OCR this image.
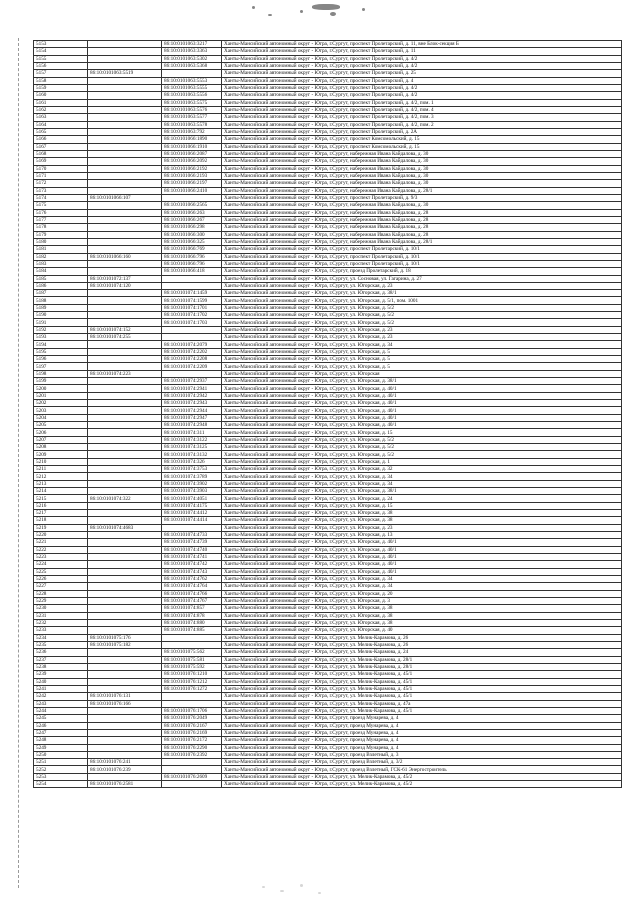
5153		86:10:0101063:3217	Ханты-Мансийский автономный округ - Югра, г.Сургут, проспект Пролетарский, д. 11, вне Блок-секция Б
5154		86:10:0101063:3363	Ханты-Мансийский автономный округ - Югра, г.Сургут, проспект Пролетарский, д. 11
5155		86:10:0101063:5302	Ханты-Мансийский автономный округ - Югра, г.Сургут, проспект Пролетарский, д. 4/2
5156		86:10:0101063:5368	Ханты-Мансийский автономный округ - Югра, г.Сургут, проспект Пролетарский, д. 4/2
5157	86:10:0101063:5519		Ханты-Мансийский автономный округ - Югра, г.Сургут, проспект Пролетарский, д. 25
5158		86:10:0101063:5553	Ханты-Мансийский автономный округ - Югра, г.Сургут, проспект Пролетарский, д. 4
5159		86:10:0101063:5555	Ханты-Мансийский автономный округ - Югра, г.Сургут, проспект Пролетарский, д. 4/2
5160		86:10:0101063:5556	Ханты-Мансийский автономный округ - Югра, г.Сургут, проспект Пролетарский, д. 4/2
5161		86:10:0101063:5575	Ханты-Мансийский автономный округ - Югра, г.Сургут, проспект Пролетарский, д. 4/2, пом. 1
5162		86:10:0101063:5576	Ханты-Мансийский автономный округ - Югра, г.Сургут, проспект Пролетарский, д. 4/2, пом. 4
5163		86:10:0101063:5577	Ханты-Мансийский автономный округ - Югра, г.Сургут, проспект Пролетарский, д. 4/2, пом. 3
5164		86:10:0101063:5578	Ханты-Мансийский автономный округ - Югра, г.Сургут, проспект Пролетарский, д. 4/2, пом. 2
5165		86:10:0101063:792	Ханты-Мансийский автономный округ - Югра, г.Сургут, проспект Пролетарский, д. 2А
5166		86:10:0101066:1890	Ханты-Мансийский автономный округ - Югра, г.Сургут, проспект Комсомольский, д. 15
5167		86:10:0101066:1910	Ханты-Мансийский автономный округ - Югра, г.Сургут, проспект Комсомольский, д. 15
5168		86:10:0101066:2087	Ханты-Мансийский автономный округ - Югра, г.Сургут, набережная Ивана Кайдалова, д. 30
5169		86:10:0101066:2092	Ханты-Мансийский автономный округ - Югра, г.Сургут, набережная Ивана Кайдалова, д. 30
5170		86:10:0101066:2192	Ханты-Мансийский автономный округ - Югра, г.Сургут, набережная Ивана Кайдалова, д. 30
5171		86:10:0101066:2193	Ханты-Мансийский автономный округ - Югра, г.Сургут, набережная Ивана Кайдалова, д. 30
5172		86:10:0101066:2197	Ханты-Мансийский автономный округ - Югра, г.Сургут, набережная Ивана Кайдалова, д. 30
5173		86:10:0101066:2410	Ханты-Мансийский автономный округ - Югра, г.Сургут, набережная Ивана Кайдалова, д. 28/1
5174	86:10:0101066:107		Ханты-Мансийский автономный округ - Югра, г.Сургут, проспект Пролетарский, д. 9/3
5175		86:10:0101066:2565	Ханты-Мансийский автономный округ - Югра, г.Сургут, набережная Ивана Кайдалова, д. 30
5176		86:10:0101066:263	Ханты-Мансийский автономный округ - Югра, г.Сургут, набережная Ивана Кайдалова, д. 28
5177		86:10:0101066:267	Ханты-Мансийский автономный округ - Югра, г.Сургут, набережная Ивана Кайдалова, д. 28
5178		86:10:0101066:298	Ханты-Мансийский автономный округ - Югра, г.Сургут, набережная Ивана Кайдалова, д. 28
5179		86:10:0101066:300	Ханты-Мансийский автономный округ - Югра, г.Сургут, набережная Ивана Кайдалова, д. 28
5180		86:10:0101066:325	Ханты-Мансийский автономный округ - Югра, г.Сургут, набережная Ивана Кайдалова, д. 28/1
5181		86:10:0101066:769	Ханты-Мансийский автономный округ - Югра, г.Сургут, проспект Пролетарский, д. 10/1
5182	86:10:0101066:160	86:10:0101066:796	Ханты-Мансийский автономный округ - Югра, г.Сургут, проспект Пролетарский, д. 10/1
5183		86:10:0101066:796	Ханты-Мансийский автономный округ - Югра, г.Сургут, проспект Пролетарский, д. 10/1
5184		86:10:0101066:418	Ханты-Мансийский автономный округ - Югра, г.Сургут, проезд Пролетарский, д. 18
5185	86:10:0101072:137		Ханты-Мансийский автономный округ - Югра, г.Сургут, ул. Сосновая, ул. Гагарина, д. 27
5186	86:10:0101074:120		Ханты-Мансийский автономный округ - Югра, г.Сургут, ул. Югорская, д. 23
5187		86:10:0101074:1459	Ханты-Мансийский автономный округ - Югра, г.Сургут, ул. Югорская, д. 38/1
5188		86:10:0101074:1599	Ханты-Мансийский автономный округ - Югра, г.Сургут, ул. Югорская, д. 5/1, пом. 1001
5189		86:10:0101074:1701	Ханты-Мансийский автономный округ - Югра, г.Сургут, ул. Югорская, д. 5/2
5190		86:10:0101074:1702	Ханты-Мансийский автономный округ - Югра, г.Сургут, ул. Югорская, д. 5/2
5191		86:10:0101074:1703	Ханты-Мансийский автономный округ - Югра, г.Сургут, ул. Югорская, д. 5/2
5192	86:10:0101074:152		Ханты-Мансийский автономный округ - Югра, г.Сургут, ул. Югорская, д. 23
5193	86:10:0101074:255		Ханты-Мансийский автономный округ - Югра, г.Сургут, ул. Югорская, д. 23
5194		86:10:0101074:2079	Ханты-Мансийский автономный округ - Югра, г.Сургут, ул. Югорская, д. 34
5195		86:10:0101074:2202	Ханты-Мансийский автономный округ - Югра, г.Сургут, ул. Югорская, д. 5
5196		86:10:0101074:2208	Ханты-Мансийский автономный округ - Югра, г.Сургут, ул. Югорская, д. 5
5197		86:10:0101074:2209	Ханты-Мансийский автономный округ - Югра, г.Сургут, ул. Югорская, д. 5
5198	86:10:0101074:223		Ханты-Мансийский автономный округ - Югра, г.Сургут, ул. Югорская
5199		86:10:0101074:2937	Ханты-Мансийский автономный округ - Югра, г.Сургут, ул. Югорская, д. 38/1
5200		86:10:0101074:2941	Ханты-Мансийский автономный округ - Югра, г.Сургут, ул. Югорская, д. 40/1
5201		86:10:0101074:2942	Ханты-Мансийский автономный округ - Югра, г.Сургут, ул. Югорская, д. 40/1
5202		86:10:0101074:2943	Ханты-Мансийский автономный округ - Югра, г.Сургут, ул. Югорская, д. 40/1
5203		86:10:0101074:2944	Ханты-Мансийский автономный округ - Югра, г.Сургут, ул. Югорская, д. 40/1
5204		86:10:0101074:2947	Ханты-Мансийский автономный округ - Югра, г.Сургут, ул. Югорская, д. 40/1
5205		86:10:0101074:2948	Ханты-Мансийский автономный округ - Югра, г.Сургут, ул. Югорская, д. 40/1
5206		86:10:0101074:311	Ханты-Мансийский автономный округ - Югра, г.Сургут, ул. Югорская, д. 15
5207		86:10:0101074:3122	Ханты-Мансийский автономный округ - Югра, г.Сургут, ул. Югорская, д. 5/2
5208		86:10:0101074:3125	Ханты-Мансийский автономный округ - Югра, г.Сургут, ул. Югорская, д. 5/2
5209		86:10:0101074:3132	Ханты-Мансийский автономный округ - Югра, г.Сургут, ул. Югорская, д. 5/2
5210		86:10:0101074:326	Ханты-Мансийский автономный округ - Югра, г.Сургут, ул. Югорская, д. 1
5211		86:10:0101074:3753	Ханты-Мансийский автономный округ - Югра, г.Сургут, ул. Югорская, д. 32
5212		86:10:0101074:3789	Ханты-Мансийский автономный округ - Югра, г.Сургут, ул. Югорская, д. 34
5213		86:10:0101074:3902	Ханты-Мансийский автономный округ - Югра, г.Сургут, ул. Югорская, д. 34
5214		86:10:0101074:3903	Ханты-Мансийский автономный округ - Югра, г.Сургут, ул. Югорская, д. 38/1
5215	86:10:0101074:322	86:10:0101074:4051	Ханты-Мансийский автономный округ - Югра, г.Сургут, ул. Югорская, д. 24
5216		86:10:0101074:4175	Ханты-Мансийский автономный округ - Югра, г.Сургут, ул. Югорская, д. 15
5217		86:10:0101074:4412	Ханты-Мансийский автономный округ - Югра, г.Сургут, ул. Югорская, д. 38
5218		86:10:0101074:4414	Ханты-Мансийский автономный округ - Югра, г.Сургут, ул. Югорская, д. 38
5219	86:10:0101074:4683		Ханты-Мансийский автономный округ - Югра, г.Сургут, ул. Югорская, д. 23
5220		86:10:0101074:4733	Ханты-Мансийский автономный округ - Югра, г.Сургут, ул. Югорская, д. 13
5221		86:10:0101074:4739	Ханты-Мансийский автономный округ - Югра, г.Сургут, ул. Югорская, д. 40/1
5222		86:10:0101074:4740	Ханты-Мансийский автономный округ - Югра, г.Сургут, ул. Югорская, д. 40/1
5223		86:10:0101074:4741	Ханты-Мансийский автономный округ - Югра, г.Сургут, ул. Югорская, д. 40/1
5224		86:10:0101074:4742	Ханты-Мансийский автономный округ - Югра, г.Сургут, ул. Югорская, д. 40/1
5225		86:10:0101074:4743	Ханты-Мансийский автономный округ - Югра, г.Сургут, ул. Югорская, д. 40/1
5226		86:10:0101074:4762	Ханты-Мансийский автономный округ - Югра, г.Сургут, ул. Югорская, д. 34
5227		86:10:0101074:4764	Ханты-Мансийский автономный округ - Югра, г.Сургут, ул. Югорская, д. 34
5228		86:10:0101074:4766	Ханты-Мансийский автономный округ - Югра, г.Сургут, ул. Югорская, д. 20
5229		86:10:0101074:4767	Ханты-Мансийский автономный округ - Югра, г.Сургут, ул. Югорская, д. 3
5230		86:10:0101074:857	Ханты-Мансийский автономный округ - Югра, г.Сургут, ул. Югорская, д. 38
5231		86:10:0101074:878	Ханты-Мансийский автономный округ - Югра, г.Сургут, ул. Югорская, д. 38
5232		86:10:0101074:880	Ханты-Мансийский автономный округ - Югра, г.Сургут, ул. Югорская, д. 38
5233		86:10:0101074:885	Ханты-Мансийский автономный округ - Югра, г.Сургут, ул. Югорская, д. 40
5234	86:10:0101075:176		Ханты-Мансийский автономный округ - Югра, г.Сургут, ул. Мелик-Карамова, д. 26
5235	86:10:0101075:182		Ханты-Мансийский автономный округ - Югра, г.Сургут, ул. Мелик-Карамова, д. 26
5236		86:10:0101075:562	Ханты-Мансийский автономный округ - Югра, г.Сургут, ул. Мелик-Карамова, д. 24
5237		86:10:0101075:581	Ханты-Мансийский автономный округ - Югра, г.Сургут, ул. Мелик-Карамова, д. 28/1
5238		86:10:0101075:592	Ханты-Мансийский автономный округ - Югра, г.Сургут, ул. Мелик-Карамова, д. 28/1
5239		86:10:0101076:1210	Ханты-Мансийский автономный округ - Югра, г.Сургут, ул. Мелик-Карамова, д. 45/1
5240		86:10:0101076:1212	Ханты-Мансийский автономный округ - Югра, г.Сургут, ул. Мелик-Карамова, д. 45/1
5241		86:10:0101076:1272	Ханты-Мансийский автономный округ - Югра, г.Сургут, ул. Мелик-Карамова, д. 45/1
5242	86:10:0101076:131		Ханты-Мансийский автономный округ - Югра, г.Сургут, ул. Мелик-Карамова, д. 45/1
5243	86:10:0101076:166		Ханты-Мансийский автономный округ - Югра, г.Сургут, ул. Мелик-Карамова, д. 47а
5244		86:10:0101076:1706	Ханты-Мансийский автономный округ - Югра, г.Сургут, ул. Мелик-Карамова, д. 45/1
5245		86:10:0101076:2049	Ханты-Мансийский автономный округ - Югра, г.Сургут, проезд Мунарева, д. 4
5246		86:10:0101076:2167	Ханты-Мансийский автономный округ - Югра, г.Сургут, проезд Мунарева, д. 4
5247		86:10:0101076:2169	Ханты-Мансийский автономный округ - Югра, г.Сургут, проезд Мунарева, д. 4
5248		86:10:0101076:2172	Ханты-Мансийский автономный округ - Югра, г.Сургут, проезд Мунарева, д. 4
5249		86:10:0101076:2290	Ханты-Мансийский автономный округ - Югра, г.Сургут, проезд Мунарева, д. 4
5250		86:10:0101076:2392	Ханты-Мансийский автономный округ - Югра, г.Сургут, проезд Взлетный, д. 3
5251	86:10:0101076:241		Ханты-Мансийский автономный округ - Югра, г.Сургут, проезд Взлетный, д. 3/2
5252	86:10:0101076:239		Ханты-Мансийский автономный округ - Югра, г.Сургут, проезд Взлетный, ГСК-61 Энергостроитель
5253		86:10:0101076:2609	Ханты-Мансийский автономный округ - Югра, г.Сургут, ул. Мелик-Карамова, д. 45/2
5254	86:10:0101076:2581		Ханты-Мансийский автономный округ - Югра, г.Сургут, ул. Мелик-Карамова, д. 45/2
